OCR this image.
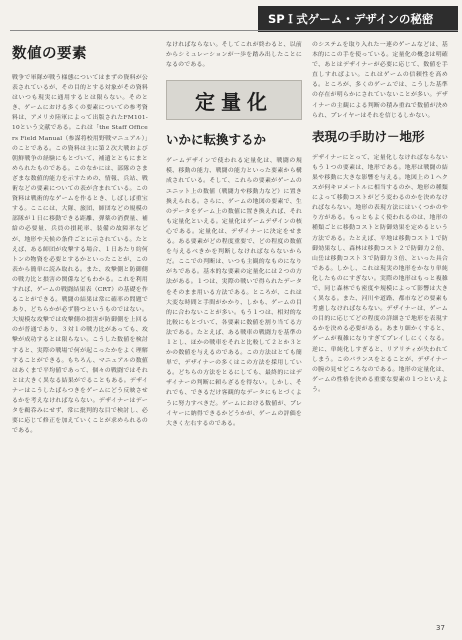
SPＩ式ゲーム・デザインの秘密
数値の要素

戦争で軍隊が戦う様態についてはまずの資料が公表されているが、その目的とする対象がその資料はいつも現実に通用するとは限らない。そのとき、ゲームにおける多くの要素についての参考資料は、アメリカ陸軍によって出版されたFM101-10という文献である。これは「the Staff Officers Field Manual（参謀将校用野戦マニュアル）」のことである。この資料は主に第２次大戦および朝鮮戦争の経験にもとづいて、補遺とともにまとめられたものである。このなかには、部隊のさまざまな数値的能力を示すための、情報、兵站、戦術などの要素についての表が含まれている。この資料は戦術的なゲームを作るとき、しばしば重宝する。ここには、大隊、旅団、師団などの規模の部隊が１日に移動できる距離、弾薬の消費量、補給の必要量、兵員の損耗率、装備の故障率などが、地形や天候の条件ごとに示されている。たとえば、ある師団が攻撃する場合、１日あたり約何トンの物資を必要とするかといったことが、この表から簡単に読み取れる。また、攻撃側と防御側の戦力比と損害の関係などもわかる。これを利用すれば、ゲームの戦闘結果表（CRT）の基礎を作ることができる。戦闘の結果は常に確率の問題であり、どちらかが必ず勝つというものではない。大規模な攻撃では攻撃側の損害が防御側を上回るのが普通であり、３対１の戦力比があっても、攻撃が成功するとは限らない。こうした数値を検討すると、実際の戦場で何が起こったかをよく理解することができる。もちろん、マニュアルの数値はあくまで平均値であって、個々の戦闘ではそれとは大きく異なる結果がでることもある。デザイナーはこうしたばらつきをゲームにどう反映させるかを考えなければならない。デザイナーはデータを鵜呑みにせず、常に批判的な目で検討し、必要に応じて修正を加えていくことが求められるのである。

なければならない。そしてこれが終わると、以前からシミュレーションが一歩を踏み出したことになるのである。

定量化
いかに転換するか

ゲームデザインで使われる定量化は、戦闘の規模、移動の能力、戦闘の能力といった要素から構成されている。そして、これらの要素がゲームのユニット上の数値（戦闘力や移動力など）に置き換えられる。さらに、ゲームの地図の要素で、生のデータをゲーム上の数値に置き換えれば、それも定量化といえる。定量化はゲームデザインの核心である。定量化は、デザイナーに決定をせまる。ある要素がどの程度重要で、どの程度の数値を与えるべきかを判断しなければならないからだ。ここでの判断は、いつも主観的なものになりがちである。基本的な要素の定量化には２つの方法がある。１つは、実際の戦いで得られたデータをそのまま用いる方法である。ところが、これは大変な時間と手間がかかり、しかも、ゲームの目的に合わないことが多い。もう１つは、相対的な比較にもとづいて、各要素に数値を割り当てる方法である。たとえば、ある戦車の戦闘力を基準の１とし、ほかの戦車をそれと比較して２とか３とかの数値を与えるのである。この方法はとても簡単で、デザイナーの多くはこの方法を採用している。どちらの方法をとるにしても、最終的にはデザイナーの判断に頼らざるを得ない。しかし、それでも、できるだけ客観的なデータにもとづくように努力すべきだ。ゲームにおける数値が、プレイヤーに納得できるかどうかが、ゲームの評価を大きく左右するのである。

のシステムを取り入れた一連のゲームなどは、基本的にこの手を使っている。定量化の概念は明確で、あとはデザイナーが必要に応じて、数値を手直しすればよい。これはゲームの信頼性を高める。ところが、多くのゲームでは、こうした基準の存在が明らかにされていないことが多い。デザイナーの主観による判断の積み重ねで数値が決められ、プレイヤーはそれを信じるしかない。

表現の手助け－地形

デザイナーにとって、定量化しなければならないもう１つの要素は、地形である。地形は戦闘の結果や移動に大きな影響を与える。地図上の１ヘクスが何キロメートルに相当するのか、地形の種類によって移動コストがどう変わるのかを決めなければならない。地形の表現方法にはいくつかのやり方がある。もっともよく使われるのは、地形の種類ごとに移動コストと防御効果を定めるという方法である。たとえば、平地は移動コスト１で防御効果なし、森林は移動コスト２で防御力２倍、山岳は移動コスト３で防御力３倍、といった具合である。しかし、これは現実の地形をかなり単純化したものにすぎない。実際の地形はもっと複雑で、同じ森林でも密度や規模によって影響は大きく異なる。また、河川や道路、都市などの要素も考慮しなければならない。デザイナーは、ゲームの目的に応じてどの程度の詳細さで地形を表現するかを決める必要がある。あまり細かくすると、ゲームが複雑になりすぎてプレイしにくくなる。逆に、単純化しすぎると、リアリティが失われてしまう。このバランスをとることが、デザイナーの腕の見せどころなのである。地形の定量化は、ゲームの性格を決める重要な要素の１つといえよう。

37
